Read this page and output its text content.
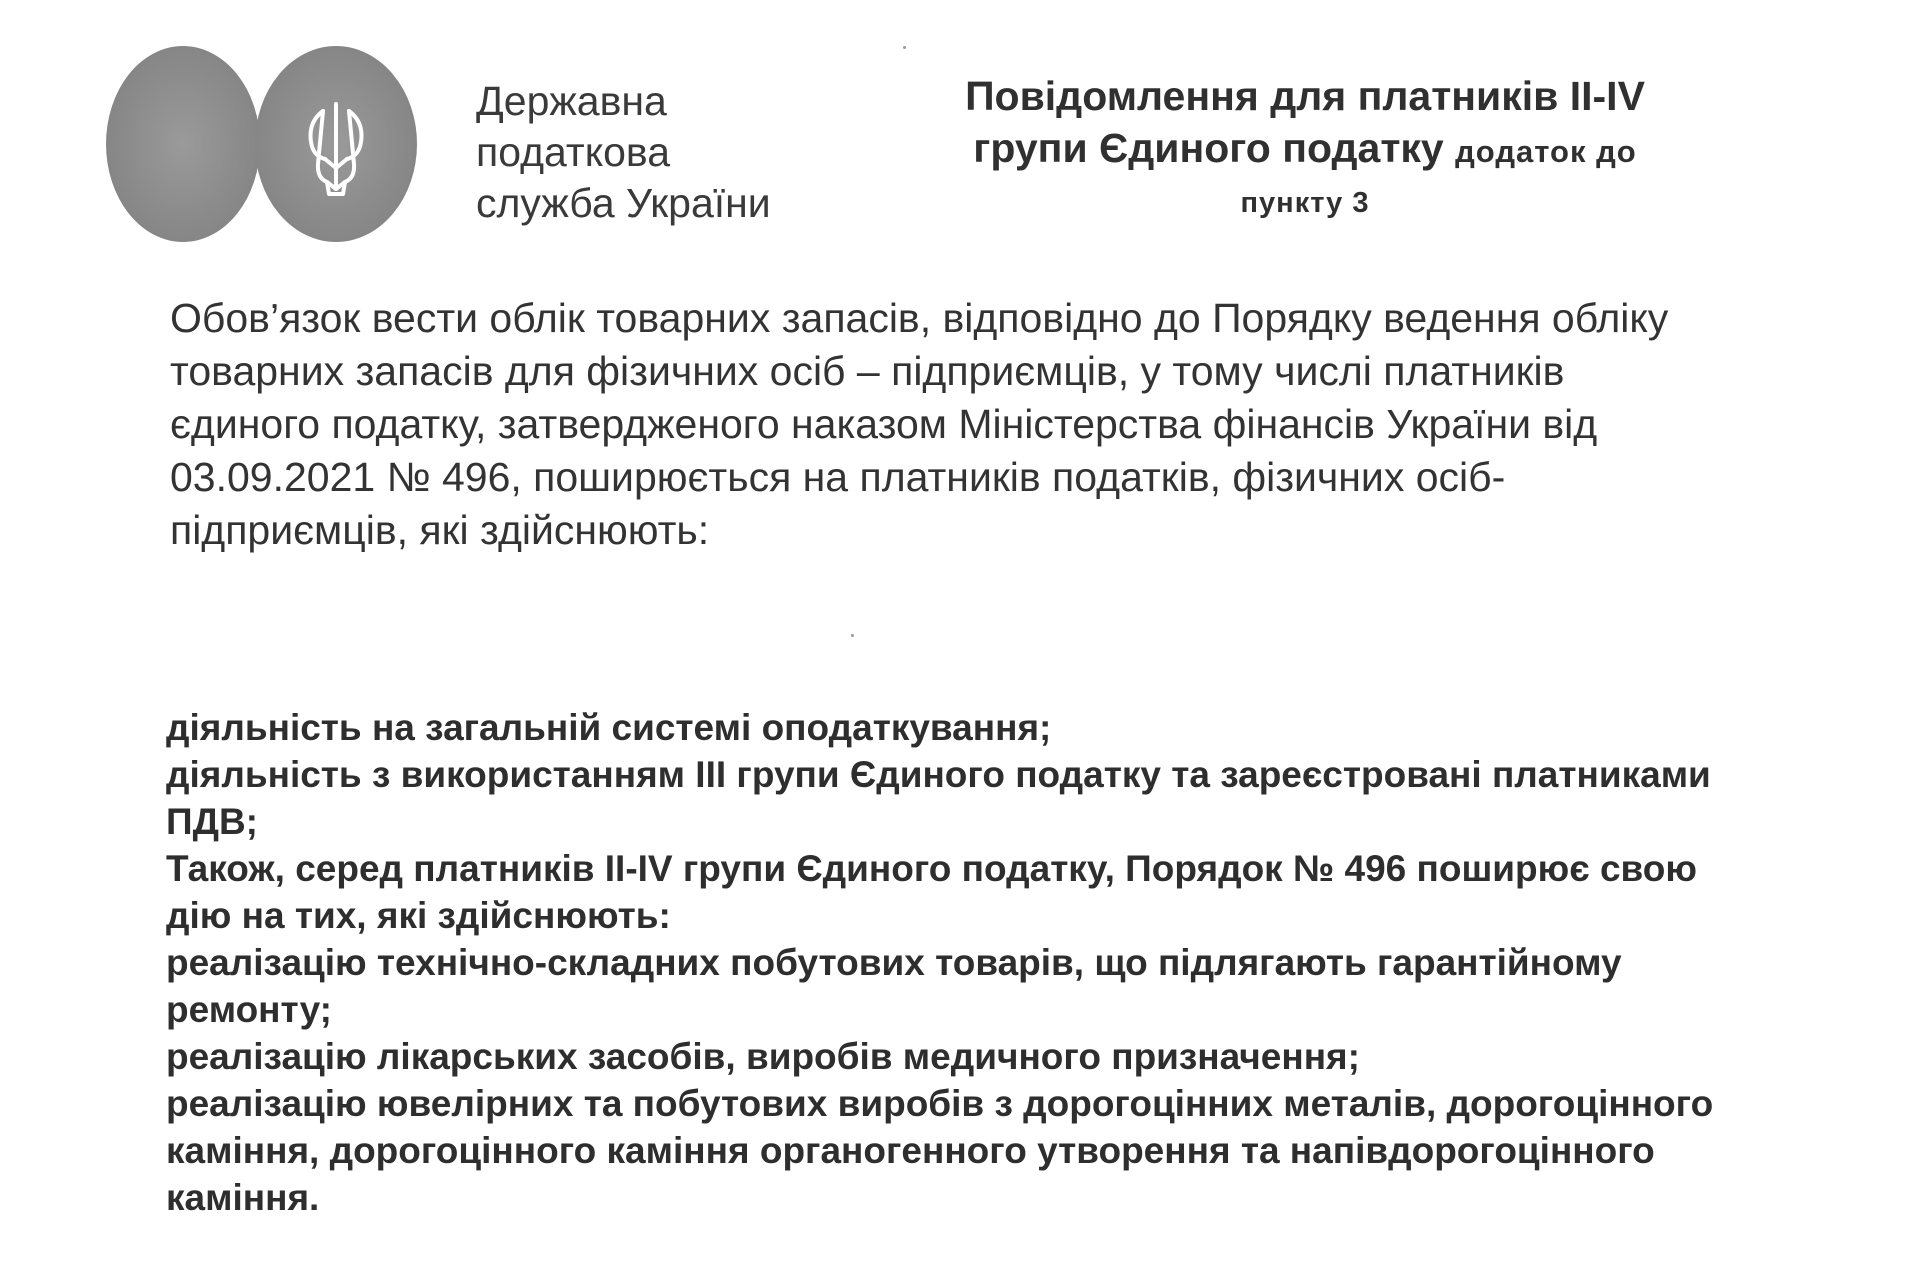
Державна
податкова
служба України
Повідомлення для платників ІІ-ІV
групи Єдиного податку додаток до
пункту 3

Обов’язок вести облік товарних запасів, відповідно до Порядку ведення обліку товарних запасів для фізичних осіб – підприємців, у тому числі платників єдиного податку, затвердженого наказом Міністерства фінансів України від 03.09.2021 № 496, поширюється на платників податків, фізичних осіб-підприємців, які здійснюють:

діяльність на загальній системі оподаткування;
діяльність з використанням ІІІ групи Єдиного податку та зареєстровані платниками ПДВ;
Також, серед платників ІІ-ІV групи Єдиного податку, Порядок № 496 поширює свою дію на тих, які здійснюють:
реалізацію технічно-складних побутових товарів, що підлягають гарантійному ремонту;
реалізацію лікарських засобів, виробів медичного призначення;
реалізацію ювелірних та побутових виробів з дорогоцінних металів, дорогоцінного каміння, дорогоцінного каміння органогенного утворення та напівдорогоцінного каміння.
